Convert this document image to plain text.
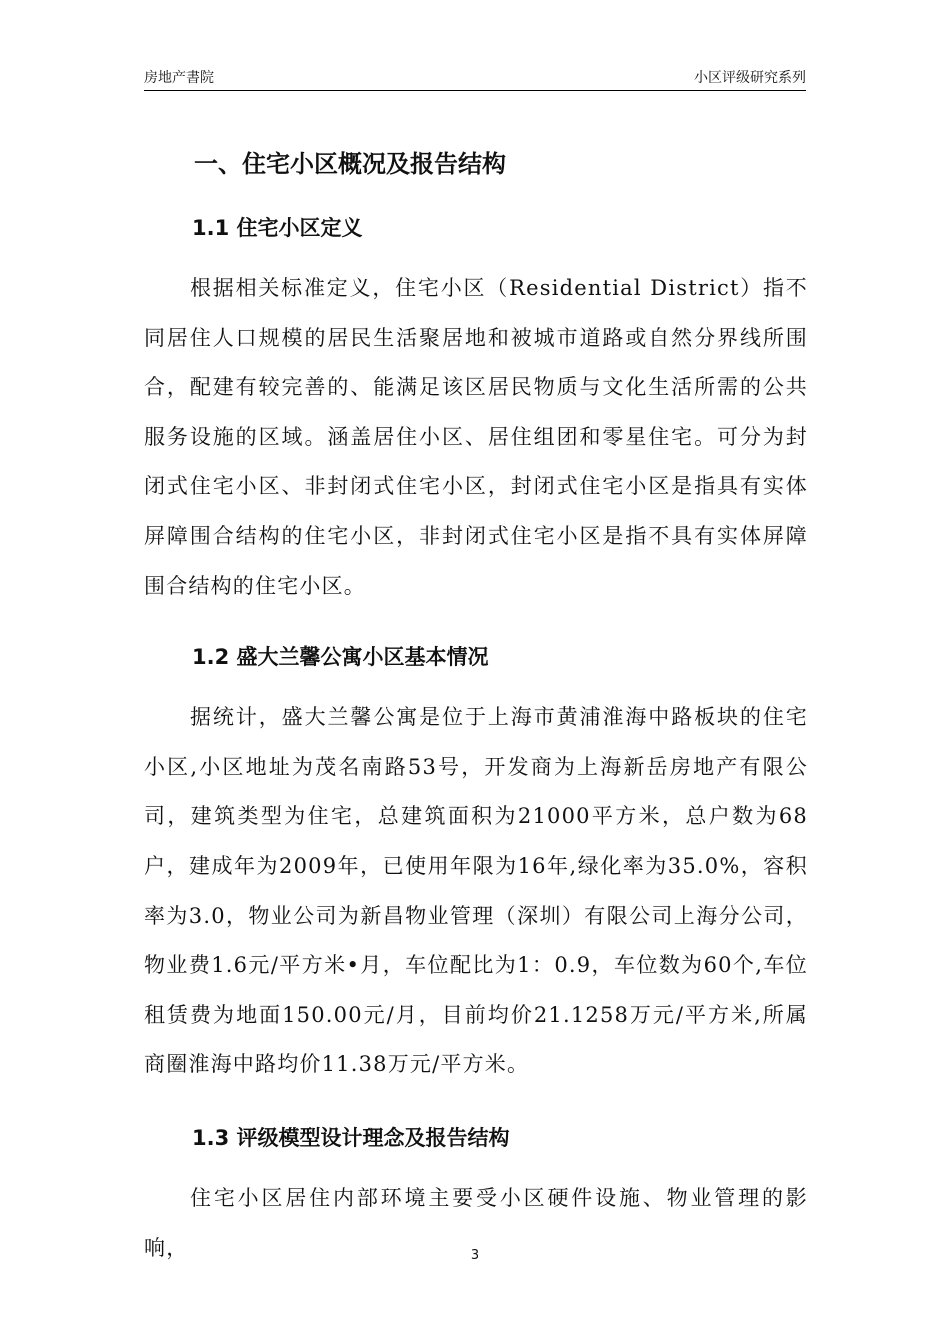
房地产書院	小区评级研究系列
一、住宅小区概况及报告结构
1.1 住宅小区定义

根据相关标准定义，住宅小区（Residential District）指不同居住人口规模的居民生活聚居地和被城市道路或自然分界线所围合，配建有较完善的、能满足该区居民物质与文化生活所需的公共服务设施的区域。涵盖居住小区、居住组团和零星住宅。可分为封闭式住宅小区、非封闭式住宅小区，封闭式住宅小区是指具有实体屏障围合结构的住宅小区，非封闭式住宅小区是指不具有实体屏障围合结构的住宅小区。

1.2 盛大兰馨公寓小区基本情况

据统计，盛大兰馨公寓是位于上海市黄浦淮海中路板块的住宅小区,小区地址为茂名南路53号，开发商为上海新岳房地产有限公司，建筑类型为住宅，总建筑面积为21000平方米，总户数为68户，建成年为2009年，已使用年限为16年,绿化率为35.0%，容积率为3.0，物业公司为新昌物业管理（深圳）有限公司上海分公司，物业费1.6元/平方米•月，车位配比为1：0.9，车位数为60个,车位租赁费为地面150.00元/月，目前均价21.1258万元/平方米,所属商圈淮海中路均价11.38万元/平方米。

1.3 评级模型设计理念及报告结构

住宅小区居住内部环境主要受小区硬件设施、物业管理的影响，	3
